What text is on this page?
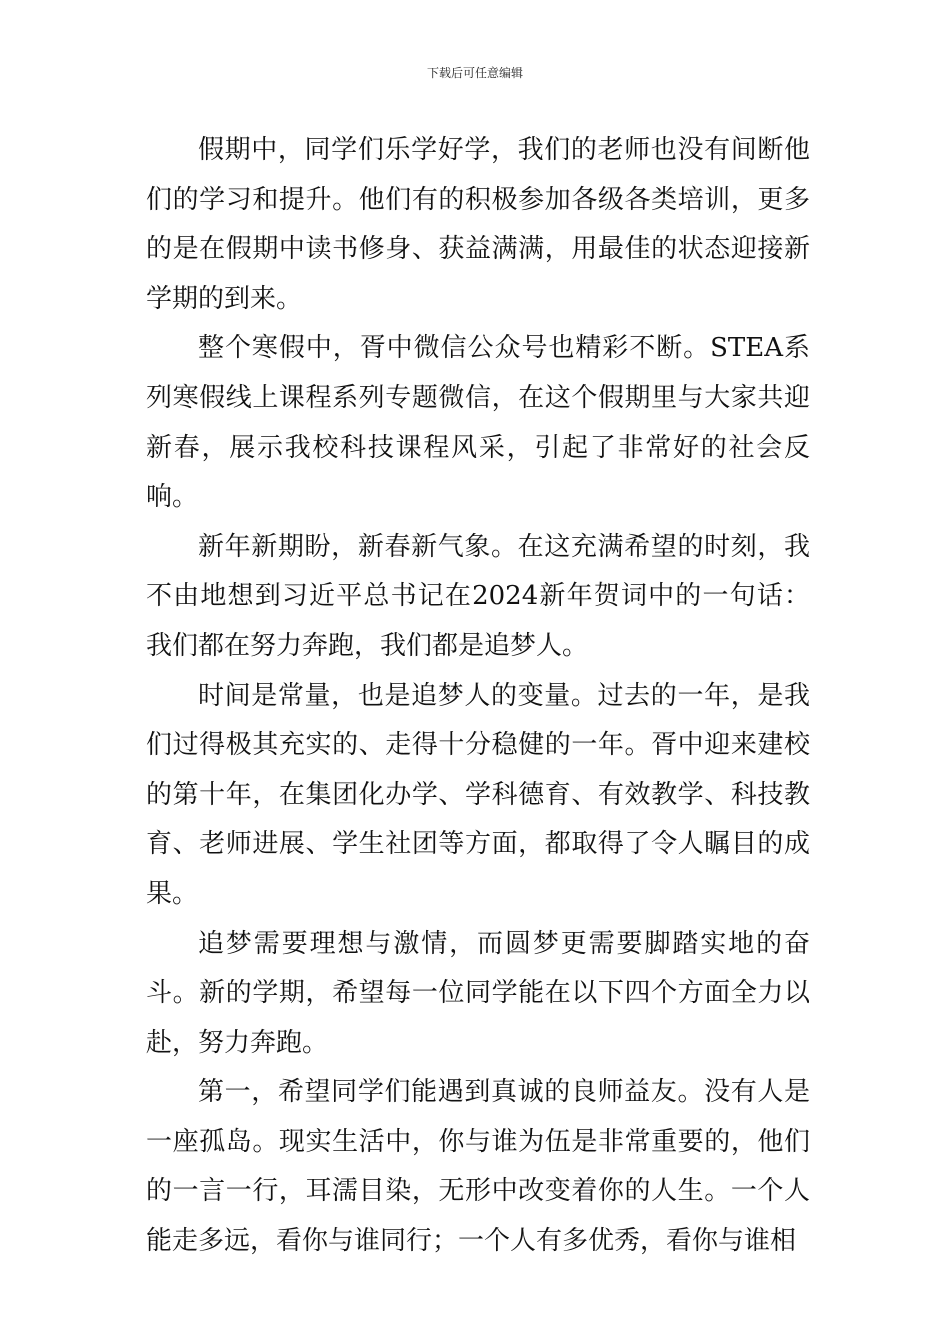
下载后可任意编辑

假期中，同学们乐学好学，我们的老师也没有间断他们的学习和提升。他们有的积极参加各级各类培训，更多的是在假期中读书修身、获益满满，用最佳的状态迎接新学期的到来。

整个寒假中，胥中微信公众号也精彩不断。STEA系列寒假线上课程系列专题微信，在这个假期里与大家共迎新春，展示我校科技课程风采，引起了非常好的社会反响。

新年新期盼，新春新气象。在这充满希望的时刻，我不由地想到习近平总书记在2024新年贺词中的一句话：我们都在努力奔跑，我们都是追梦人。

时间是常量，也是追梦人的变量。过去的一年，是我们过得极其充实的、走得十分稳健的一年。胥中迎来建校的第十年，在集团化办学、学科德育、有效教学、科技教育、老师进展、学生社团等方面，都取得了令人瞩目的成果。

追梦需要理想与激情，而圆梦更需要脚踏实地的奋斗。新的学期，希望每一位同学能在以下四个方面全力以赴，努力奔跑。

第一，希望同学们能遇到真诚的良师益友。没有人是一座孤岛。现实生活中，你与谁为伍是非常重要的，他们的一言一行，耳濡目染，无形中改变着你的人生。一个人能走多远，看你与谁同行；一个人有多优秀，看你与谁相
